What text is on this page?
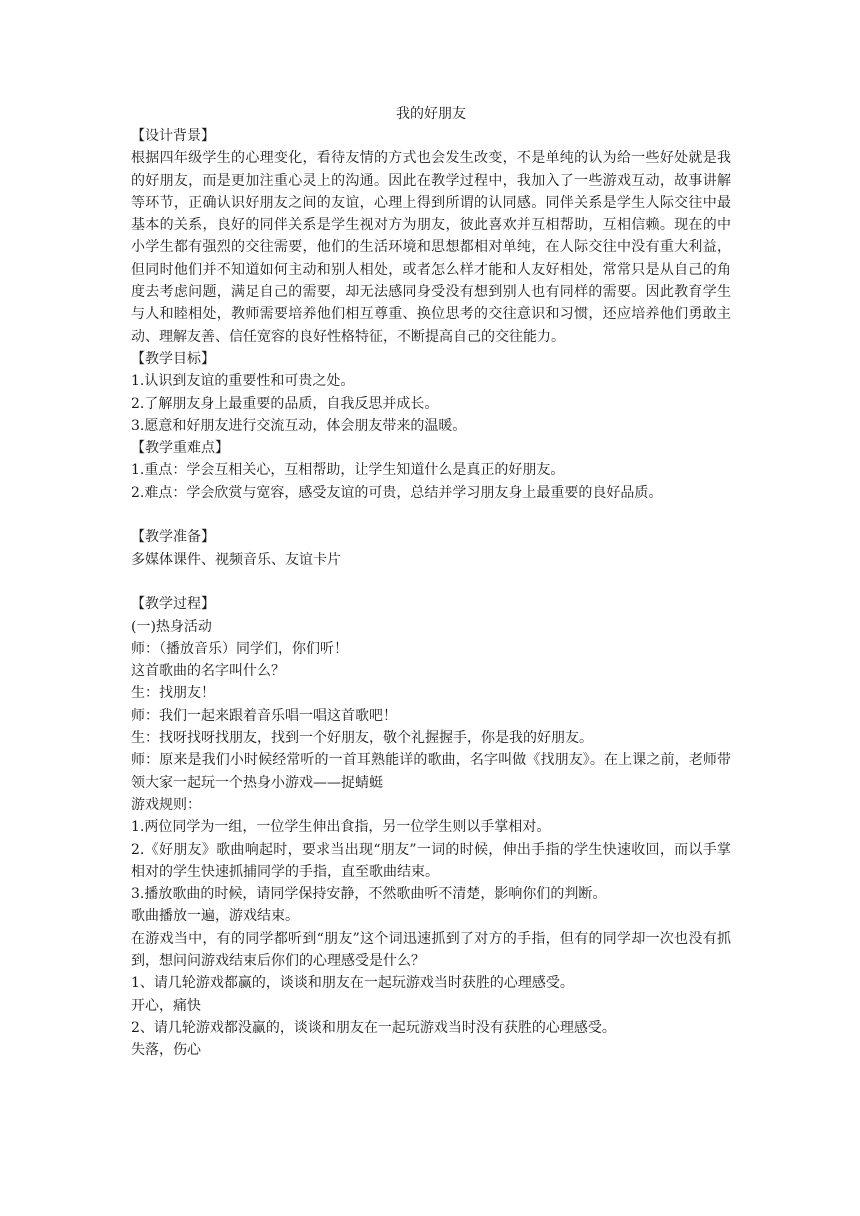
我的好朋友

【设计背景】

根据四年级学生的心理变化，看待友情的方式也会发生改变，不是单纯的认为给一些好处就是我的好朋友，而是更加注重心灵上的沟通。因此在教学过程中，我加入了一些游戏互动，故事讲解等环节，正确认识好朋友之间的友谊，心理上得到所谓的认同感。同伴关系是学生人际交往中最基本的关系，良好的同伴关系是学生视对方为朋友，彼此喜欢并互相帮助，互相信赖。现在的中小学生都有强烈的交往需要，他们的生活环境和思想都相对单纯，在人际交往中没有重大利益，但同时他们并不知道如何主动和别人相处，或者怎么样才能和人友好相处，常常只是从自己的角度去考虑问题，满足自己的需要，却无法感同身受没有想到别人也有同样的需要。因此教育学生与人和睦相处，教师需要培养他们相互尊重、换位思考的交往意识和习惯，还应培养他们勇敢主动、理解友善、信任宽容的良好性格特征，不断提高自己的交往能力。

【教学目标】

1.认识到友谊的重要性和可贵之处。

2.了解朋友身上最重要的品质，自我反思并成长。

3.愿意和好朋友进行交流互动，体会朋友带来的温暖。

【教学重难点】

1.重点：学会互相关心，互相帮助，让学生知道什么是真正的好朋友。

2.难点：学会欣赏与宽容，感受友谊的可贵，总结并学习朋友身上最重要的良好品质。

【教学准备】

多媒体课件、视频音乐、友谊卡片

【教学过程】

(一)热身活动

师：（播放音乐）同学们，你们听！

这首歌曲的名字叫什么？

生：找朋友！

师：我们一起来跟着音乐唱一唱这首歌吧！

生：找呀找呀找朋友，找到一个好朋友，敬个礼握握手，你是我的好朋友。

师：原来是我们小时候经常听的一首耳熟能详的歌曲，名字叫做《找朋友》。在上课之前，老师带领大家一起玩一个热身小游戏——捉蜻蜓

游戏规则：

1.两位同学为一组，一位学生伸出食指，另一位学生则以手掌相对。

2.《好朋友》歌曲响起时，要求当出现“朋友”一词的时候，伸出手指的学生快速收回，而以手掌相对的学生快速抓捕同学的手指，直至歌曲结束。

3.播放歌曲的时候，请同学保持安静，不然歌曲听不清楚，影响你们的判断。

歌曲播放一遍，游戏结束。

在游戏当中，有的同学都听到“朋友”这个词迅速抓到了对方的手指，但有的同学却一次也没有抓到，想问问游戏结束后你们的心理感受是什么？

1、请几轮游戏都赢的，谈谈和朋友在一起玩游戏当时获胜的心理感受。

开心，痛快

2、请几轮游戏都没赢的，谈谈和朋友在一起玩游戏当时没有获胜的心理感受。

失落，伤心
